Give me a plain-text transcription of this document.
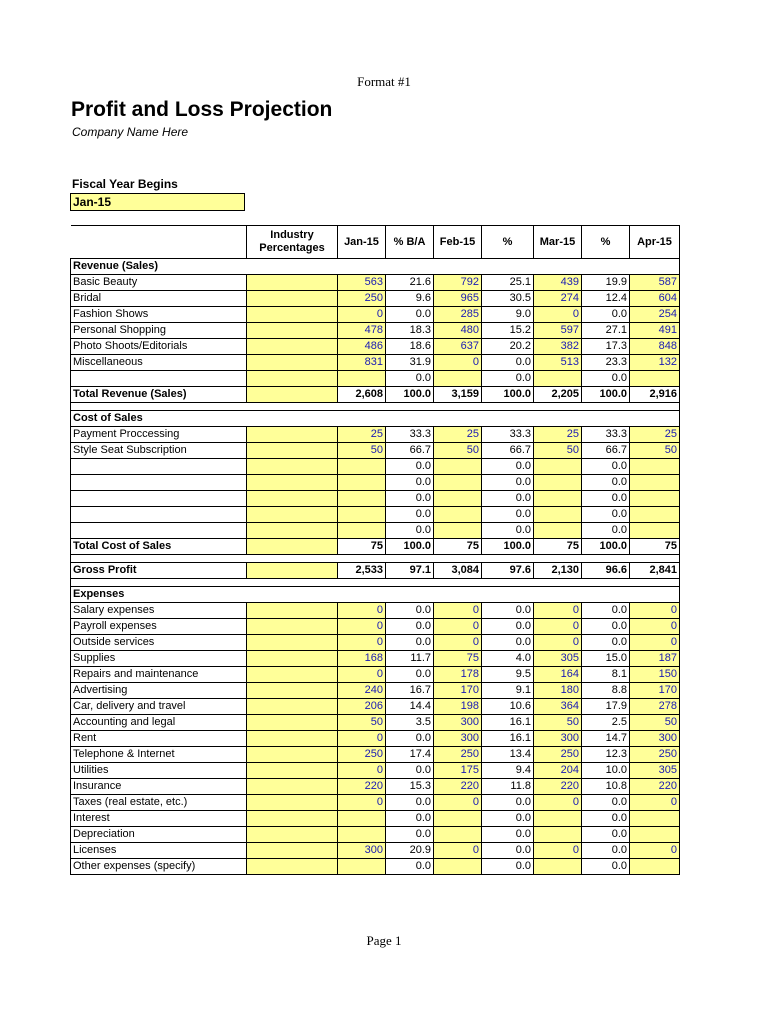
Format #1
Profit and Loss Projection
Company Name Here
Fiscal Year Begins
Jan-15
	Industry
Percentages	Jan-15	% B/A	Feb-15	%	Mar-15	%	Apr-15
Revenue (Sales)								
Basic Beauty		563	21.6	792	25.1	439	19.9	587
Bridal		250	9.6	965	30.5	274	12.4	604
Fashion Shows		0	0.0	285	9.0	0	0.0	254
Personal Shopping		478	18.3	480	15.2	597	27.1	491
Photo Shoots/Editorials		486	18.6	637	20.2	382	17.3	848
Miscellaneous		831	31.9	0	0.0	513	23.3	132
			0.0		0.0		0.0	
Total Revenue (Sales)		2,608	100.0	3,159	100.0	2,205	100.0	2,916

Cost of Sales								
Payment Proccessing		25	33.3	25	33.3	25	33.3	25
Style Seat Subscription		50	66.7	50	66.7	50	66.7	50
			0.0		0.0		0.0	
			0.0		0.0		0.0	
			0.0		0.0		0.0	
			0.0		0.0		0.0	
			0.0		0.0		0.0	
Total Cost of Sales		75	100.0	75	100.0	75	100.0	75

Gross Profit		2,533	97.1	3,084	97.6	2,130	96.6	2,841

Expenses								
Salary expenses		0	0.0	0	0.0	0	0.0	0
Payroll expenses		0	0.0	0	0.0	0	0.0	0
Outside services		0	0.0	0	0.0	0	0.0	0
Supplies		168	11.7	75	4.0	305	15.0	187
Repairs and maintenance		0	0.0	178	9.5	164	8.1	150
Advertising		240	16.7	170	9.1	180	8.8	170
Car, delivery and travel		206	14.4	198	10.6	364	17.9	278
Accounting and legal		50	3.5	300	16.1	50	2.5	50
Rent		0	0.0	300	16.1	300	14.7	300
Telephone & Internet		250	17.4	250	13.4	250	12.3	250
Utilities		0	0.0	175	9.4	204	10.0	305
Insurance		220	15.3	220	11.8	220	10.8	220
Taxes (real estate, etc.)		0	0.0	0	0.0	0	0.0	0
Interest			0.0		0.0		0.0	
Depreciation			0.0		0.0		0.0	
Licenses		300	20.9	0	0.0	0	0.0	0
Other expenses (specify)			0.0		0.0		0.0	
Page 1
